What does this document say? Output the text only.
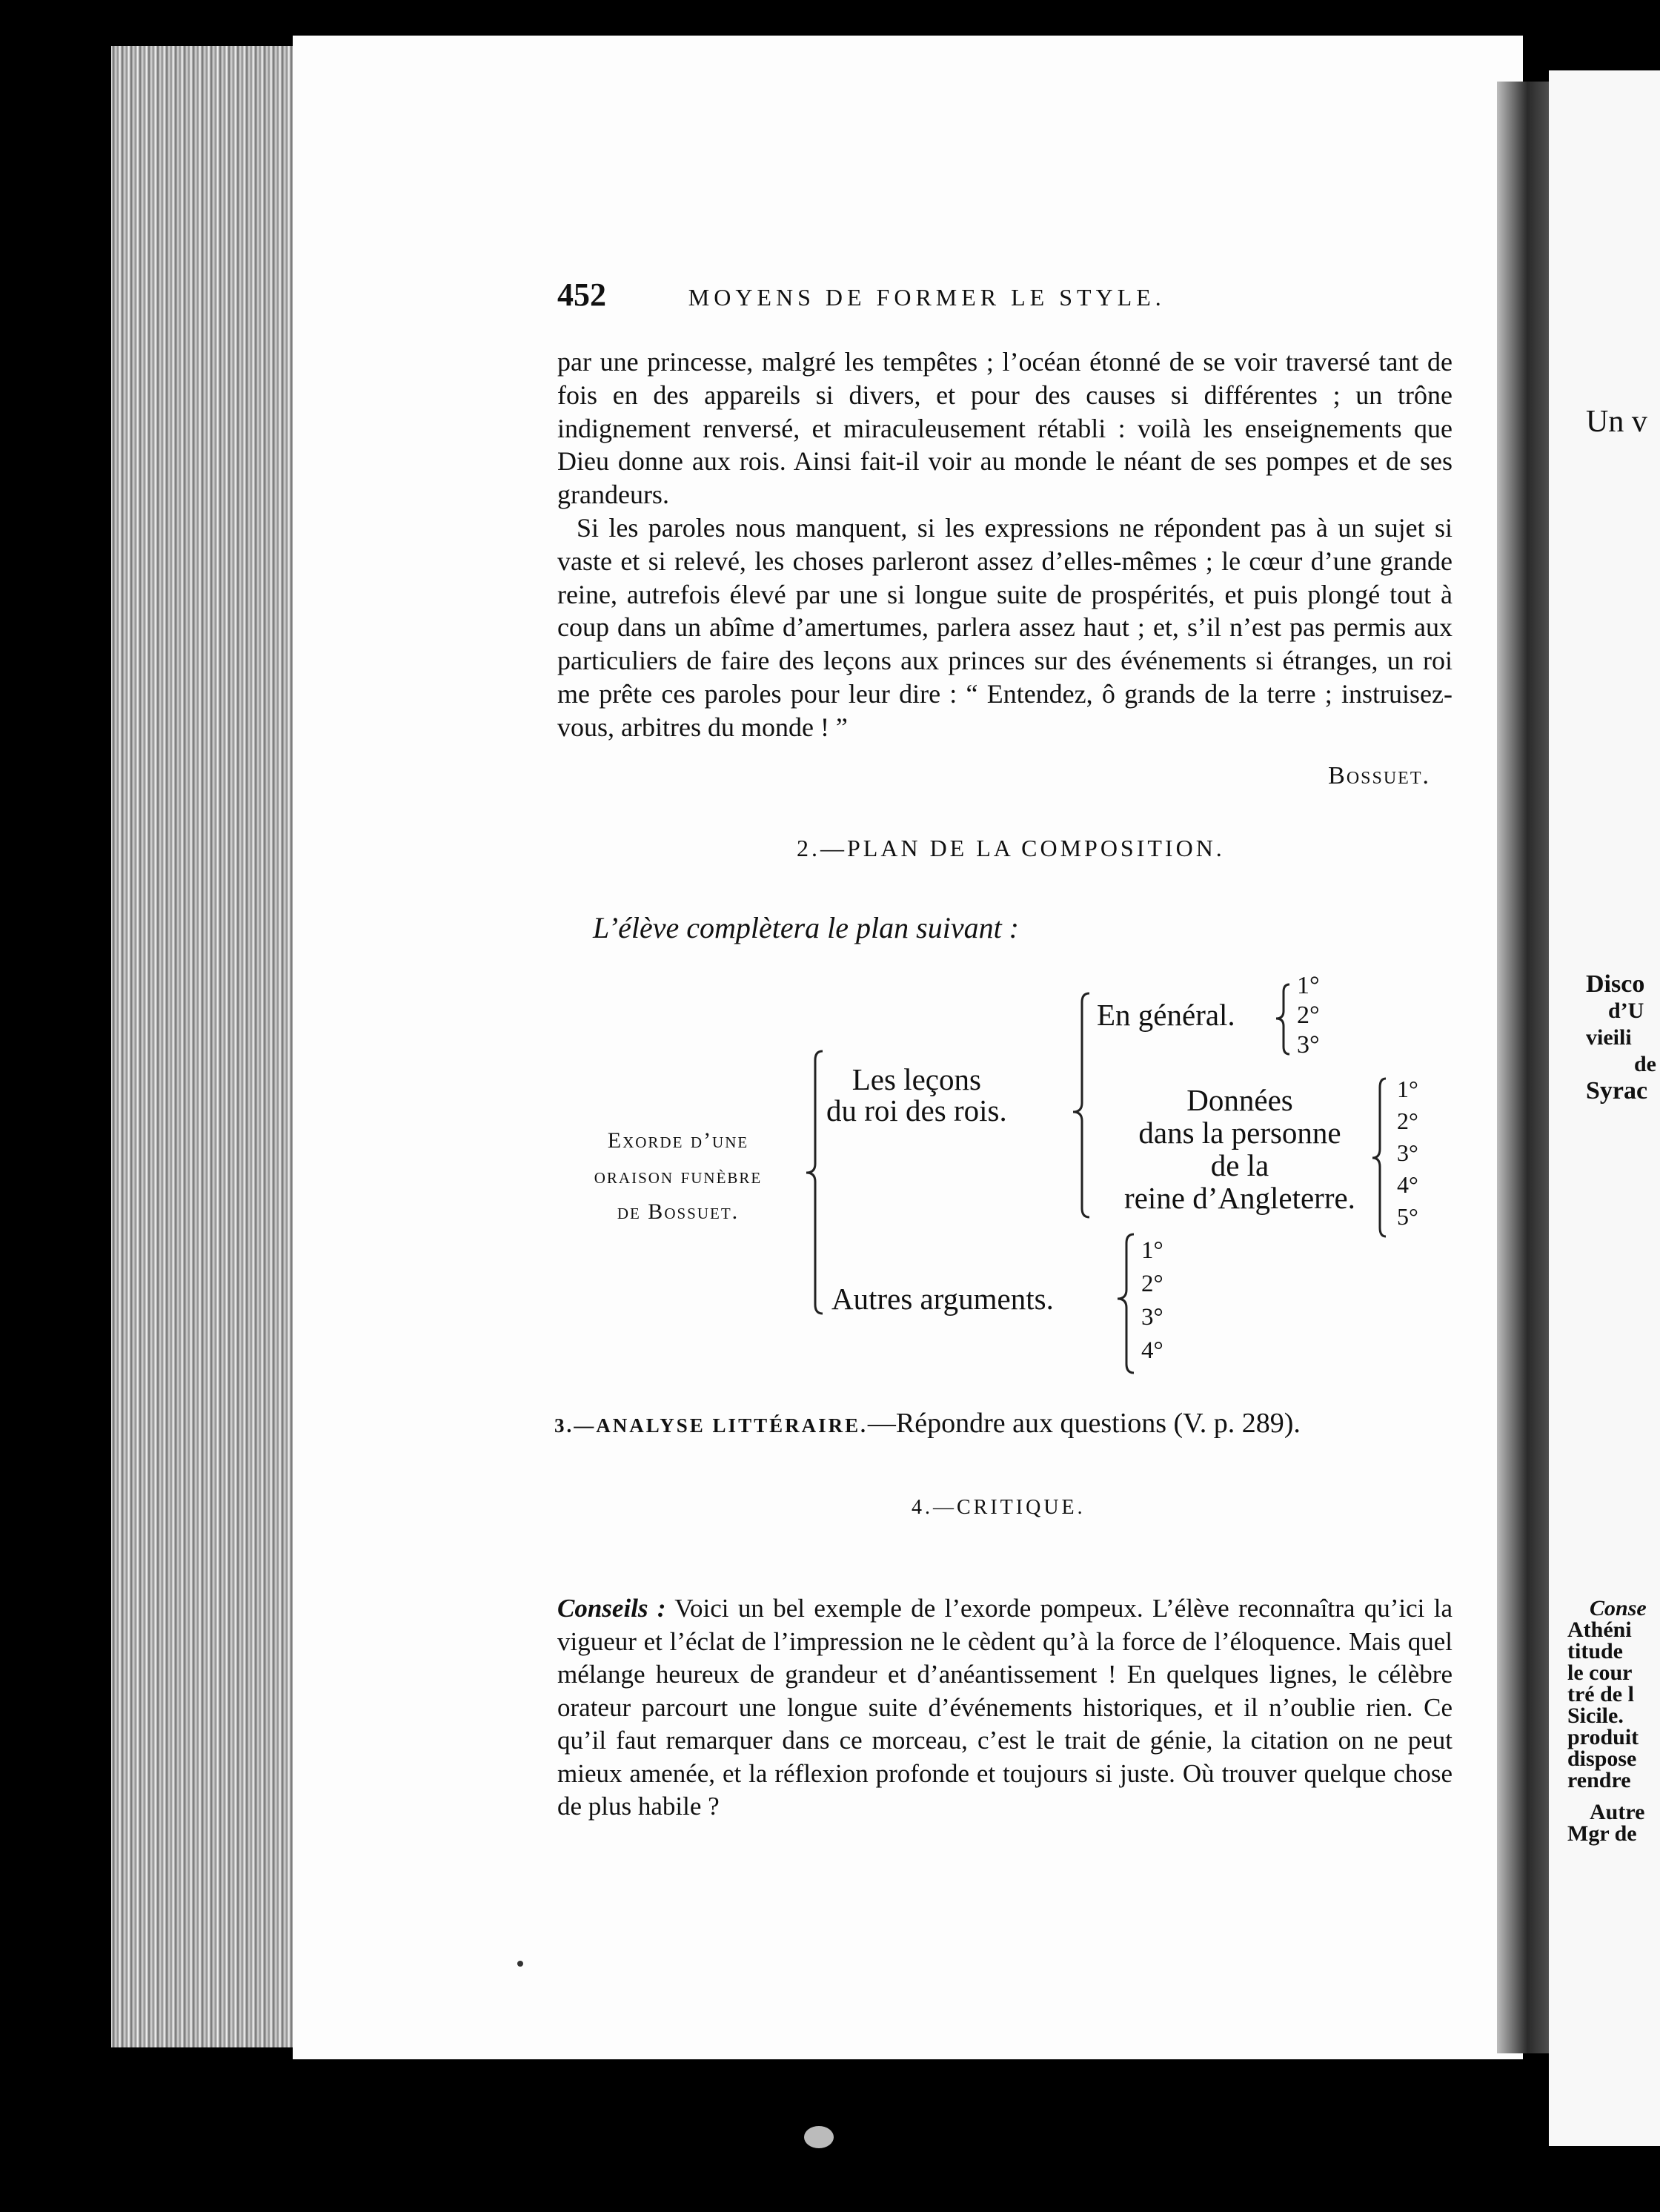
452	MOYENS DE FORMER LE STYLE.

par une princesse, malgré les tempêtes ; l’océan étonné de se voir traversé tant de fois en des appareils si divers, et pour des causes si différentes ; un trône indignement renversé, et miraculeusement rétabli : voilà les enseignements que Dieu donne aux rois. Ainsi fait-il voir au monde le néant de ses pompes et de ses grandeurs.

Si les paroles nous manquent, si les expressions ne répondent pas à un sujet si vaste et si relevé, les choses parleront assez d’elles-mêmes ; le cœur d’une grande reine, autrefois élevé par une si longue suite de prospérités, et puis plongé tout à coup dans un abîme d’amertumes, parlera assez haut ; et, s’il n’est pas permis aux particuliers de faire des leçons aux princes sur des événements si étranges, un roi me prête ces paroles pour leur dire : “ Entendez, ô grands de la terre ; instruisez-vous, arbitres du monde ! ”

Bossuet.
2.—PLAN DE LA COMPOSITION.
L’élève complètera le plan suivant :
Exorde d’une
oraison funèbre
de Bossuet.
Les leçons
du roi des rois.
En général.
1°
2°
3°
Données
dans la personne
de la
reine d’Angleterre.
1°
2°
3°
4°
5°
Autres arguments.
1°
2°
3°
4°
3.—ANALYSE LITTÉRAIRE.—Répondre aux questions (V. p. 289).
4.—CRITIQUE.
Conseils : Voici un bel exemple de l’exorde pompeux. L’élève reconnaîtra qu’ici la vigueur et l’éclat de l’impression ne le cèdent qu’à la force de l’éloquence. Mais quel mélange heureux de grandeur et d’anéantissement ! En quelques lignes, le célèbre orateur parcourt une longue suite d’événements historiques, et il n’oublie rien. Ce qu’il faut remarquer dans ce morceau, c’est le trait de génie, la citation on ne peut mieux amenée, et la réflexion profonde et toujours si juste. Où trouver quelque chose de plus habile ?
Un v
Disco
d’U
vieili
de
Syrac
Conse
Athéni
titude
le cour
tré de l
Sicile.
produit
dispose
rendre
Autre
Mgr de
